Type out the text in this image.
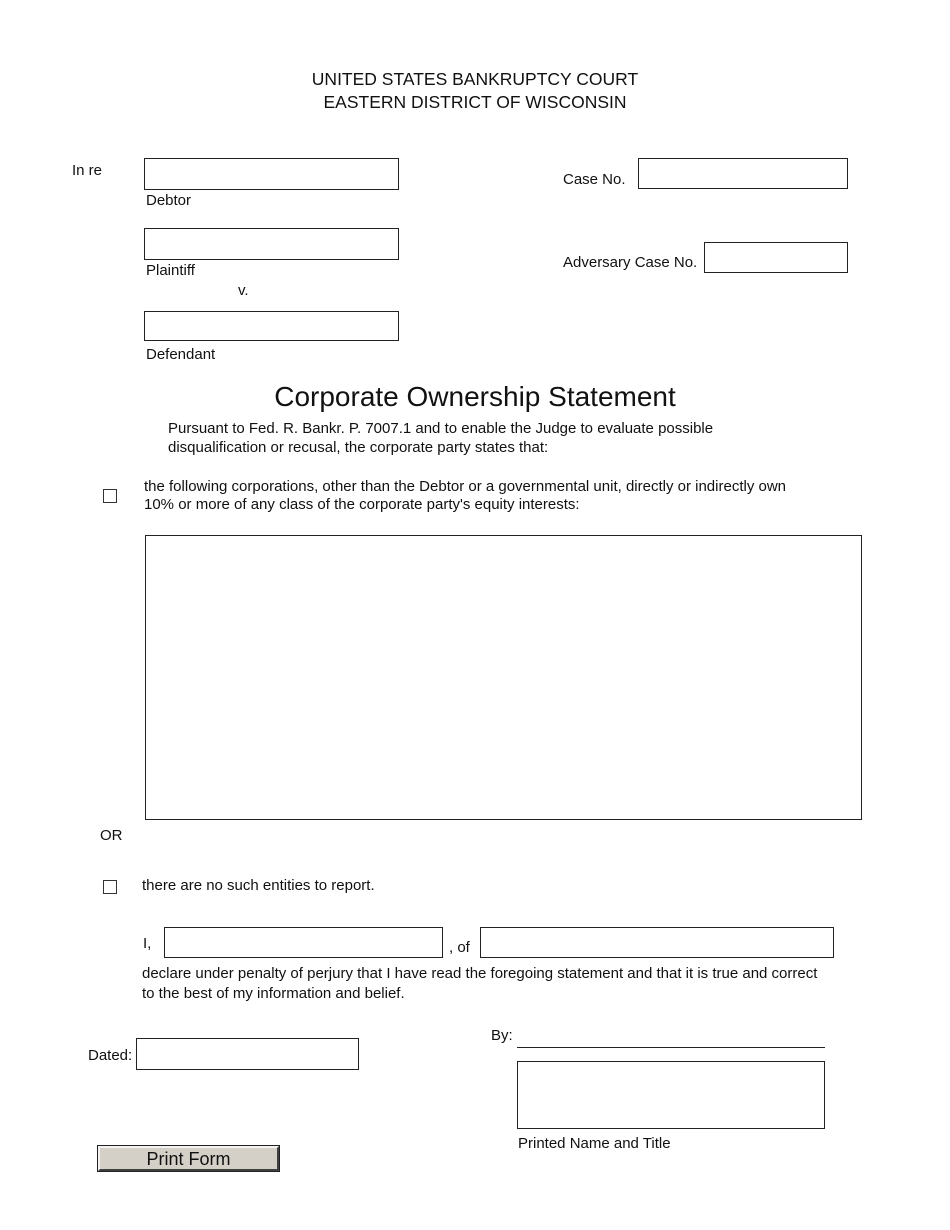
UNITED STATES BANKRUPTCY COURT
EASTERN DISTRICT OF WISCONSIN
In re
Debtor
Plaintiff
v.
Defendant
Case No.
Adversary Case No.
Corporate Ownership Statement
Pursuant to Fed. R. Bankr. P. 7007.1 and to enable the Judge to evaluate possible
disqualification or recusal, the corporate party states that:
the following corporations, other than the Debtor or a governmental unit, directly or indirectly own
10% or more of any class of the corporate party's equity interests:
OR
there are no such entities to report.
I,	, of
declare under penalty of perjury that I have read the foregoing statement and that it is true and correct
to the best of my information and belief.
Dated:
By:
Printed Name and Title
Print Form
